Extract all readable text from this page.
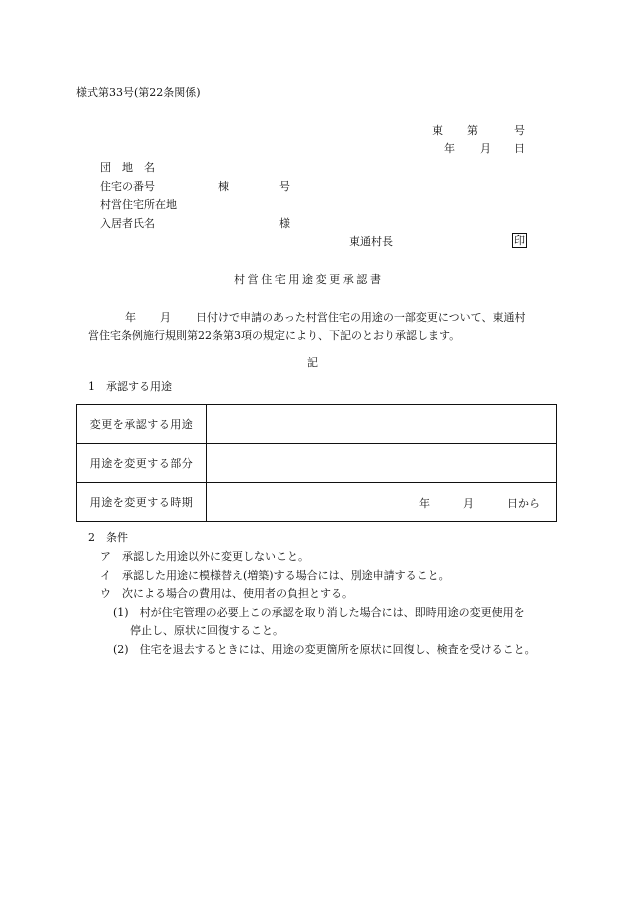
様式第33号(第22条関係)
東 第	号
年 月 日
団　地　名
住宅の番号	棟	号
村営住宅所在地
入居者氏名	様
東通村長	印
村営住宅用途変更承認書
年 月 日付けで申請のあった村営住宅の用途の一部変更について、東通村
営住宅条例施行規則第22条第3項の規定により、下記のとおり承認します。
記
1　承認する用途
変更を承認する用途	
用途を変更する部分	
用途を変更する時期	年 月 日から
2　条件
ア　承認した用途以外に変更しないこと。
イ　承認した用途に模様替え(増築)する場合には、別途申請すること。
ウ　次による場合の費用は、使用者の負担とする。
(1)　村が住宅管理の必要上この承認を取り消した場合には、即時用途の変更使用を
停止し、原状に回復すること。
(2)　住宅を退去するときには、用途の変更箇所を原状に回復し、検査を受けること。
